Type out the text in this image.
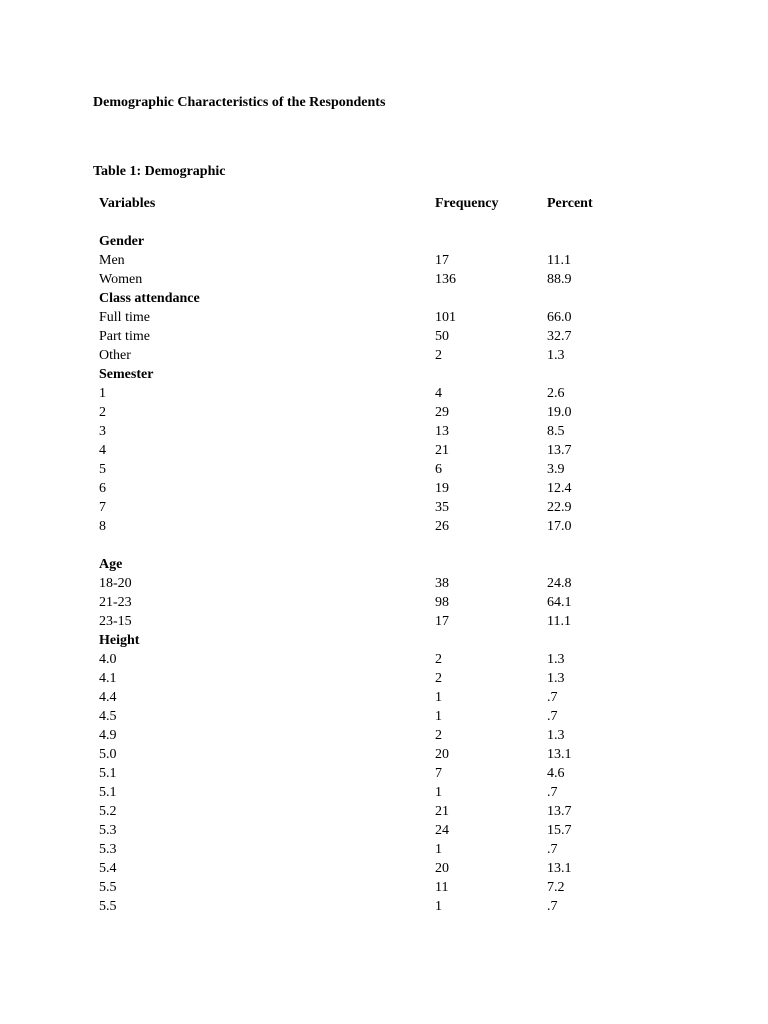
Demographic Characteristics of the Respondents
Table 1: Demographic
Variables	Frequency	Percent
Gender
Men	17	11.1
Women	136	88.9
Class attendance
Full time	101	66.0
Part time	50	32.7
Other	2	1.3
Semester
1	4	2.6
2	29	19.0
3	13	8.5
4	21	13.7
5	6	3.9
6	19	12.4
7	35	22.9
8	26	17.0
Age
18-20	38	24.8
21-23	98	64.1
23-15	17	11.1
Height
4.0	2	1.3
4.1	2	1.3
4.4	1	.7
4.5	1	.7
4.9	2	1.3
5.0	20	13.1
5.1	7	4.6
5.1	1	.7
5.2	21	13.7
5.3	24	15.7
5.3	1	.7
5.4	20	13.1
5.5	11	7.2
5.5	1	.7
